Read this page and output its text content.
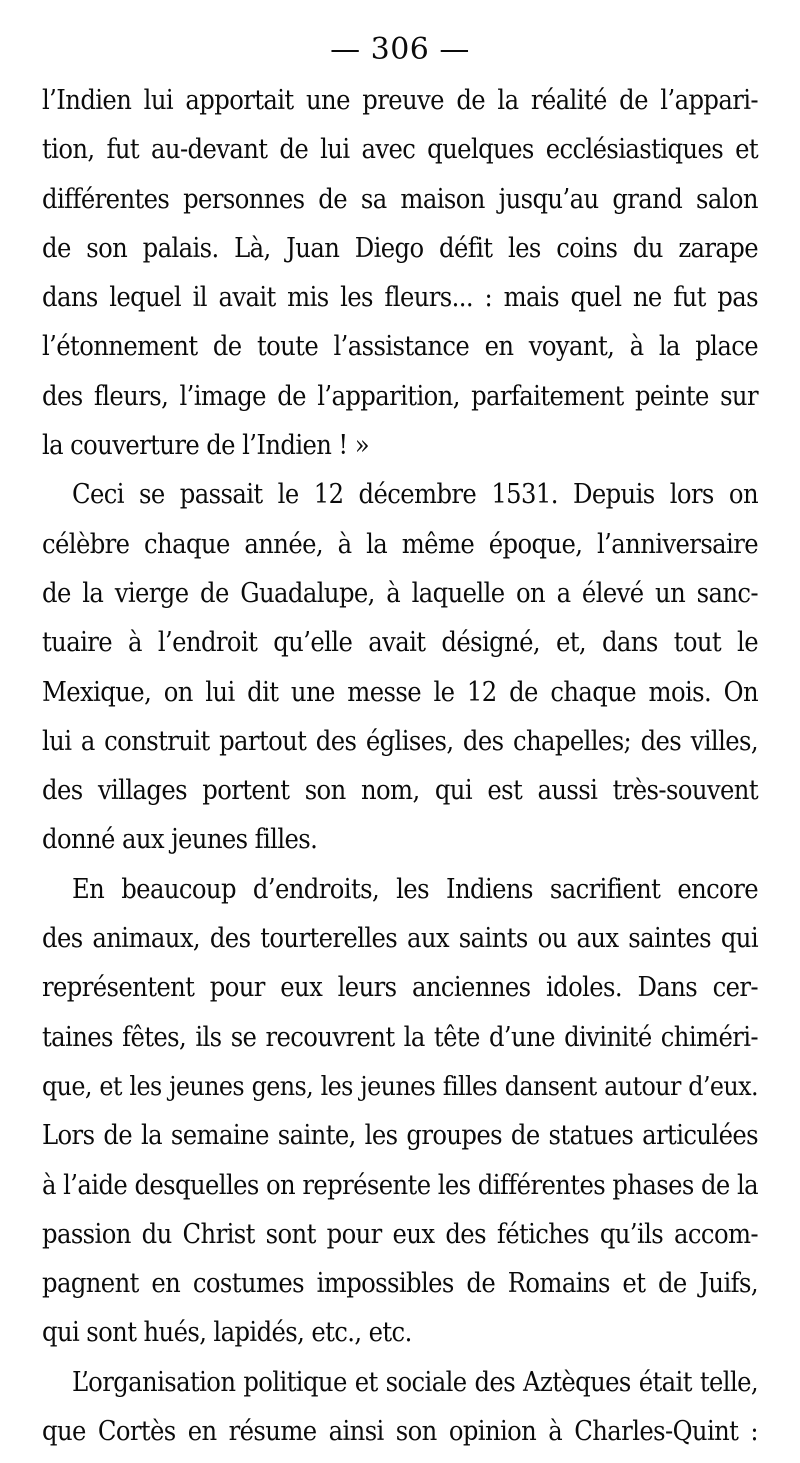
— 306 —
l’Indien lui apportait une preuve de la réalité de l’appari-
tion, fut au-devant de lui avec quelques ecclésiastiques et
différentes personnes de sa maison jusqu’au grand salon
de son palais. Là, Juan Diego défit les coins du zarape
dans lequel il avait mis les fleurs... : mais quel ne fut pas
l’étonnement de toute l’assistance en voyant, à la place
des fleurs, l’image de l’apparition, parfaitement peinte sur
la couverture de l’Indien ! »
Ceci se passait le 12 décembre 1531. Depuis lors on
célèbre chaque année, à la même époque, l’anniversaire
de la vierge de Guadalupe, à laquelle on a élevé un sanc-
tuaire à l’endroit qu’elle avait désigné, et, dans tout le
Mexique, on lui dit une messe le 12 de chaque mois. On
lui a construit partout des églises, des chapelles; des villes,
des villages portent son nom, qui est aussi très-souvent
donné aux jeunes filles.
En beaucoup d’endroits, les Indiens sacrifient encore
des animaux, des tourterelles aux saints ou aux saintes qui
représentent pour eux leurs anciennes idoles. Dans cer-
taines fêtes, ils se recouvrent la tête d’une divinité chiméri-
que, et les jeunes gens, les jeunes filles dansent autour d’eux.
Lors de la semaine sainte, les groupes de statues articulées
à l’aide desquelles on représente les différentes phases de la
passion du Christ sont pour eux des fétiches qu’ils accom-
pagnent en costumes impossibles de Romains et de Juifs,
qui sont hués, lapidés, etc., etc.
L’organisation politique et sociale des Aztèques était telle,
que Cortès en résume ainsi son opinion à Charles-Quint :
